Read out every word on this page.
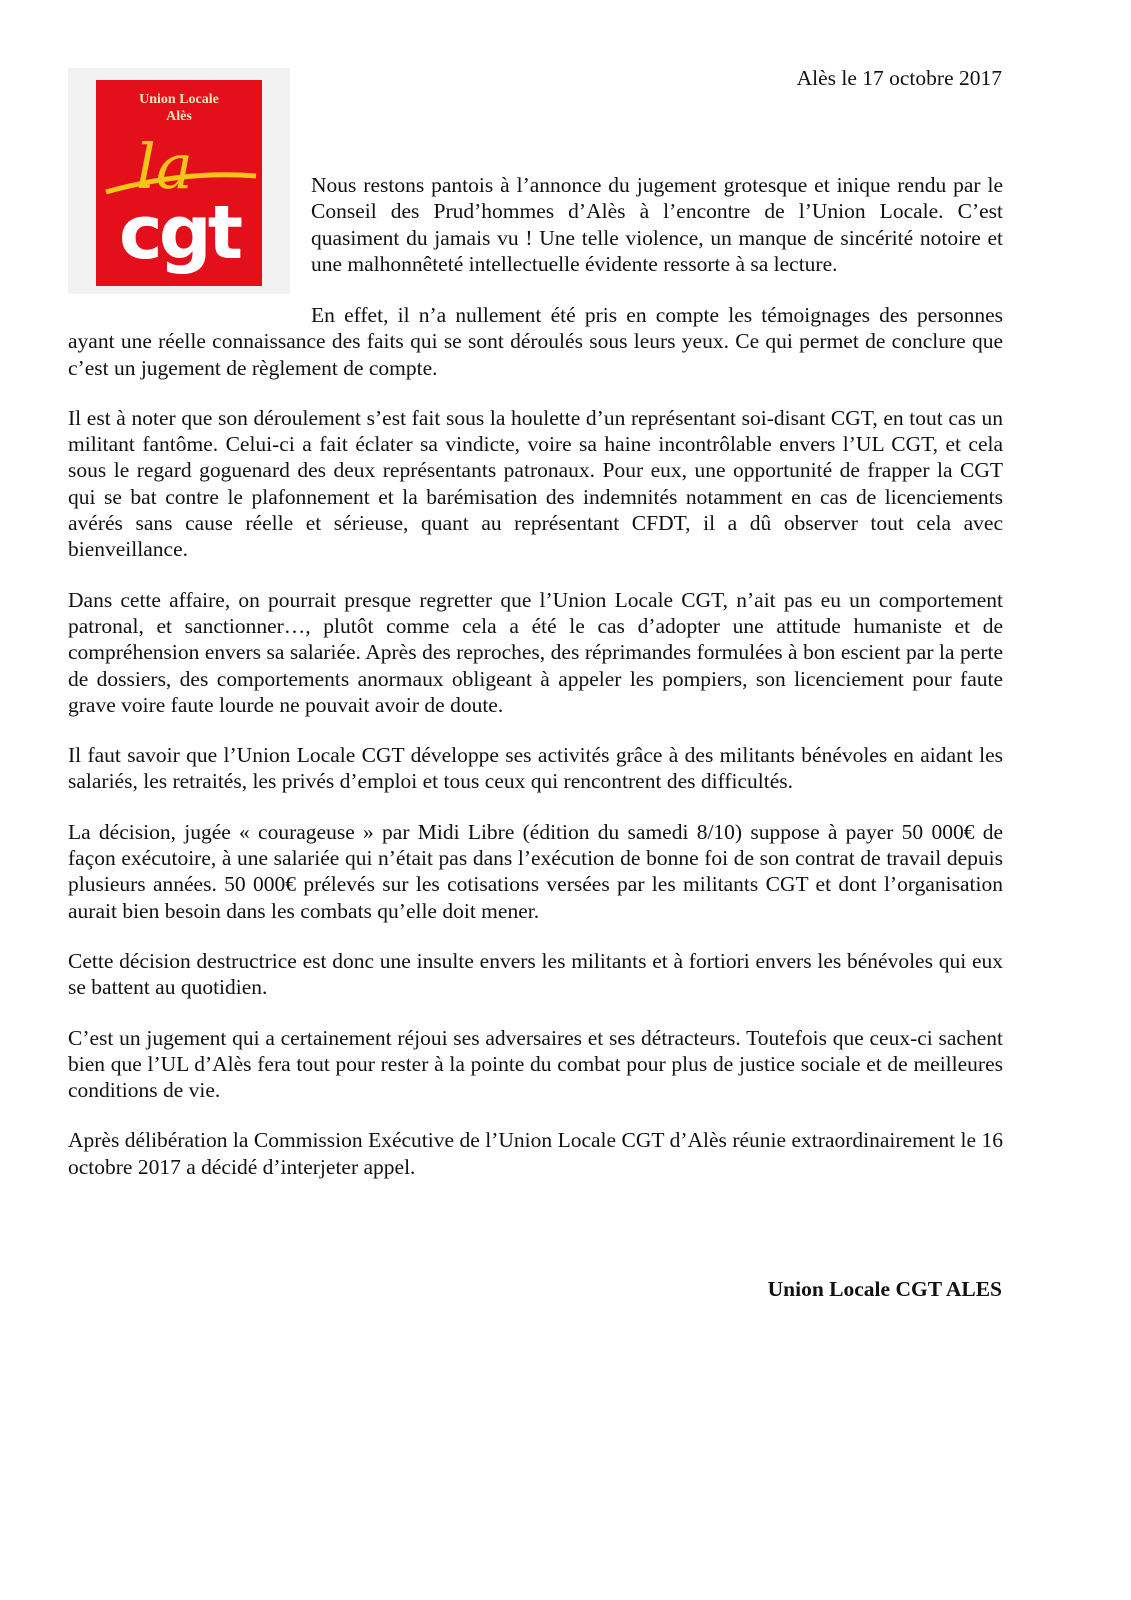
Union Locale
Alès
la
cgt
Alès le 17 octobre 2017
Nous restons pantois à l’annonce du jugement grotesque et inique rendu par le Conseil des Prud’hommes d’Alès à l’encontre de l’Union Locale. C’est quasiment du jamais vu ! Une telle violence, un manque de sincérité notoire et une malhonnêteté intellectuelle évidente ressorte à sa lecture.

En effet, il n’a nullement été pris en compte les témoignages des personnes ayant une réelle connaissance des faits qui se sont déroulés sous leurs yeux. Ce qui permet de conclure que c’est un jugement de règlement de compte.

Il est à noter que son déroulement s’est fait sous la houlette d’un représentant soi-disant CGT, en tout cas un militant fantôme. Celui-ci a fait éclater sa vindicte, voire sa haine incontrôlable envers l’UL CGT, et cela sous le regard goguenard des deux représentants patronaux. Pour eux, une opportunité de frapper la CGT qui se bat contre le plafonnement et la barémisation des indemnités notamment en cas de licenciements avérés sans cause réelle et sérieuse, quant au représentant CFDT, il a dû observer tout cela avec bienveillance.

Dans cette affaire, on pourrait presque regretter que l’Union Locale CGT, n’ait pas eu un comportement patronal, et sanctionner…, plutôt comme cela a été le cas d’adopter une attitude humaniste et de compréhension envers sa salariée. Après des reproches, des réprimandes formulées à bon escient par la perte de dossiers, des comportements anormaux obligeant à appeler les pompiers, son licenciement pour faute grave voire faute lourde ne pouvait avoir de doute.

Il faut savoir que l’Union Locale CGT développe ses activités grâce à des militants bénévoles en aidant les salariés, les retraités, les privés d’emploi et tous ceux qui rencontrent des difficultés.

La décision, jugée « courageuse » par Midi Libre (édition du samedi 8/10) suppose à payer 50 000€ de façon exécutoire, à une salariée qui n’était pas dans l’exécution de bonne foi de son contrat de travail depuis plusieurs années. 50 000€ prélevés sur les cotisations versées par les militants CGT et dont l’organisation aurait bien besoin dans les combats qu’elle doit mener.

Cette décision destructrice est donc une insulte envers les militants et à fortiori envers les bénévoles qui eux se battent au quotidien.

C’est un jugement qui a certainement réjoui ses adversaires et ses détracteurs. Toutefois que ceux-ci sachent bien que l’UL d’Alès fera tout pour rester à la pointe du combat pour plus de justice sociale et de meilleures conditions de vie.

Après délibération la Commission Exécutive de l’Union Locale CGT d’Alès réunie extraordinairement le 16 octobre 2017 a décidé d’interjeter appel.

Union Locale CGT ALES
